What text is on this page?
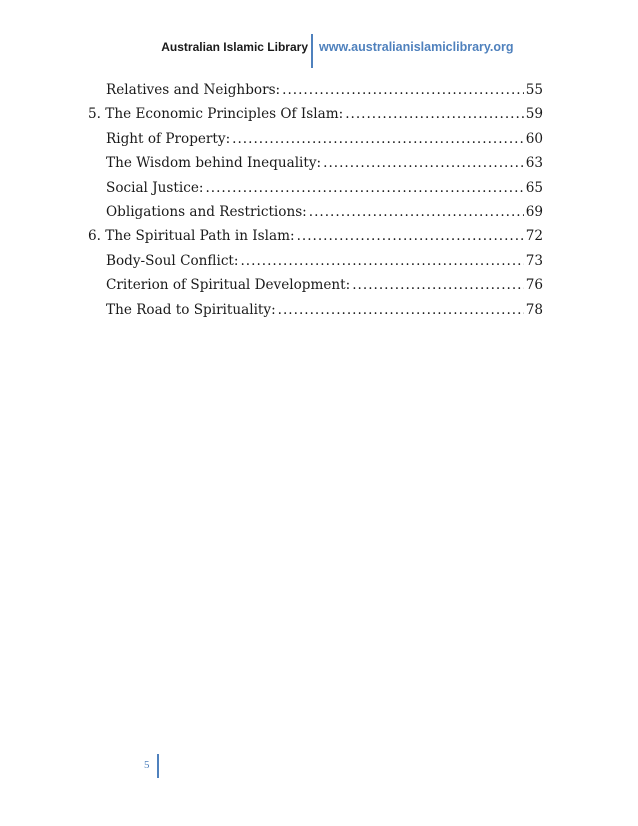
Australian Islamic Library www.australianislamiclibrary.org
Relatives and Neighbors: .....	55
5. The Economic Principles Of Islam: .....	59
Right of Property: .....	60
The Wisdom behind Inequality: .....	63
Social Justice: .....	65
Obligations and Restrictions: .....	69
6. The Spiritual Path in Islam: .....	72
Body-Soul Conflict: .....	73
Criterion of Spiritual Development: .....	76
The Road to Spirituality: .....	78
5
